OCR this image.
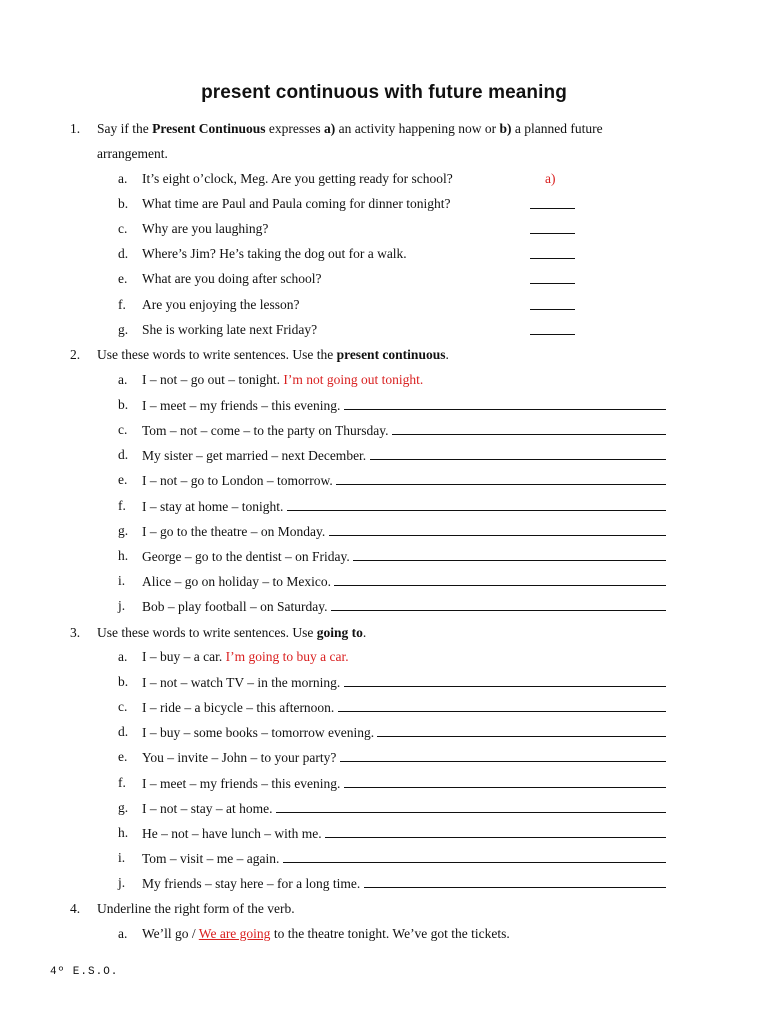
present continuous with future meaning
1. Say if the Present Continuous expresses a) an activity happening now or b) a planned future
arrangement.
a. It’s eight o’clock, Meg. Are you getting ready for school?	a)
b. What time are Paul and Paula coming for dinner tonight?
c. Why are you laughing?
d. Where’s Jim? He’s taking the dog out for a walk.
e. What are you doing after school?
f. Are you enjoying the lesson?
g. She is working late next Friday?
2. Use these words to write sentences. Use the present continuous.
a. I – not – go out – tonight. I’m not going out tonight.
b. I – meet – my friends – this evening.
c. Tom – not – come – to the party on Thursday.
d. My sister – get married – next December.
e. I – not – go to London – tomorrow.
f. I – stay at home – tonight.
g. I – go to the theatre – on Monday.
h. George – go to the dentist – on Friday.
i. Alice – go on holiday – to Mexico.
j. Bob – play football – on Saturday.
3. Use these words to write sentences. Use going to.
a. I – buy – a car. I’m going to buy a car.
b. I – not – watch TV – in the morning.
c. I – ride – a bicycle – this afternoon.
d. I – buy – some books – tomorrow evening.
e. You – invite – John – to your party?
f. I – meet – my friends – this evening.
g. I – not – stay – at home.
h. He – not – have lunch – with me.
i. Tom – visit – me – again.
j. My friends – stay here – for a long time.
4. Underline the right form of the verb.
a. We’ll go / We are going to the theatre tonight. We’ve got the tickets.
4º E.S.O.
